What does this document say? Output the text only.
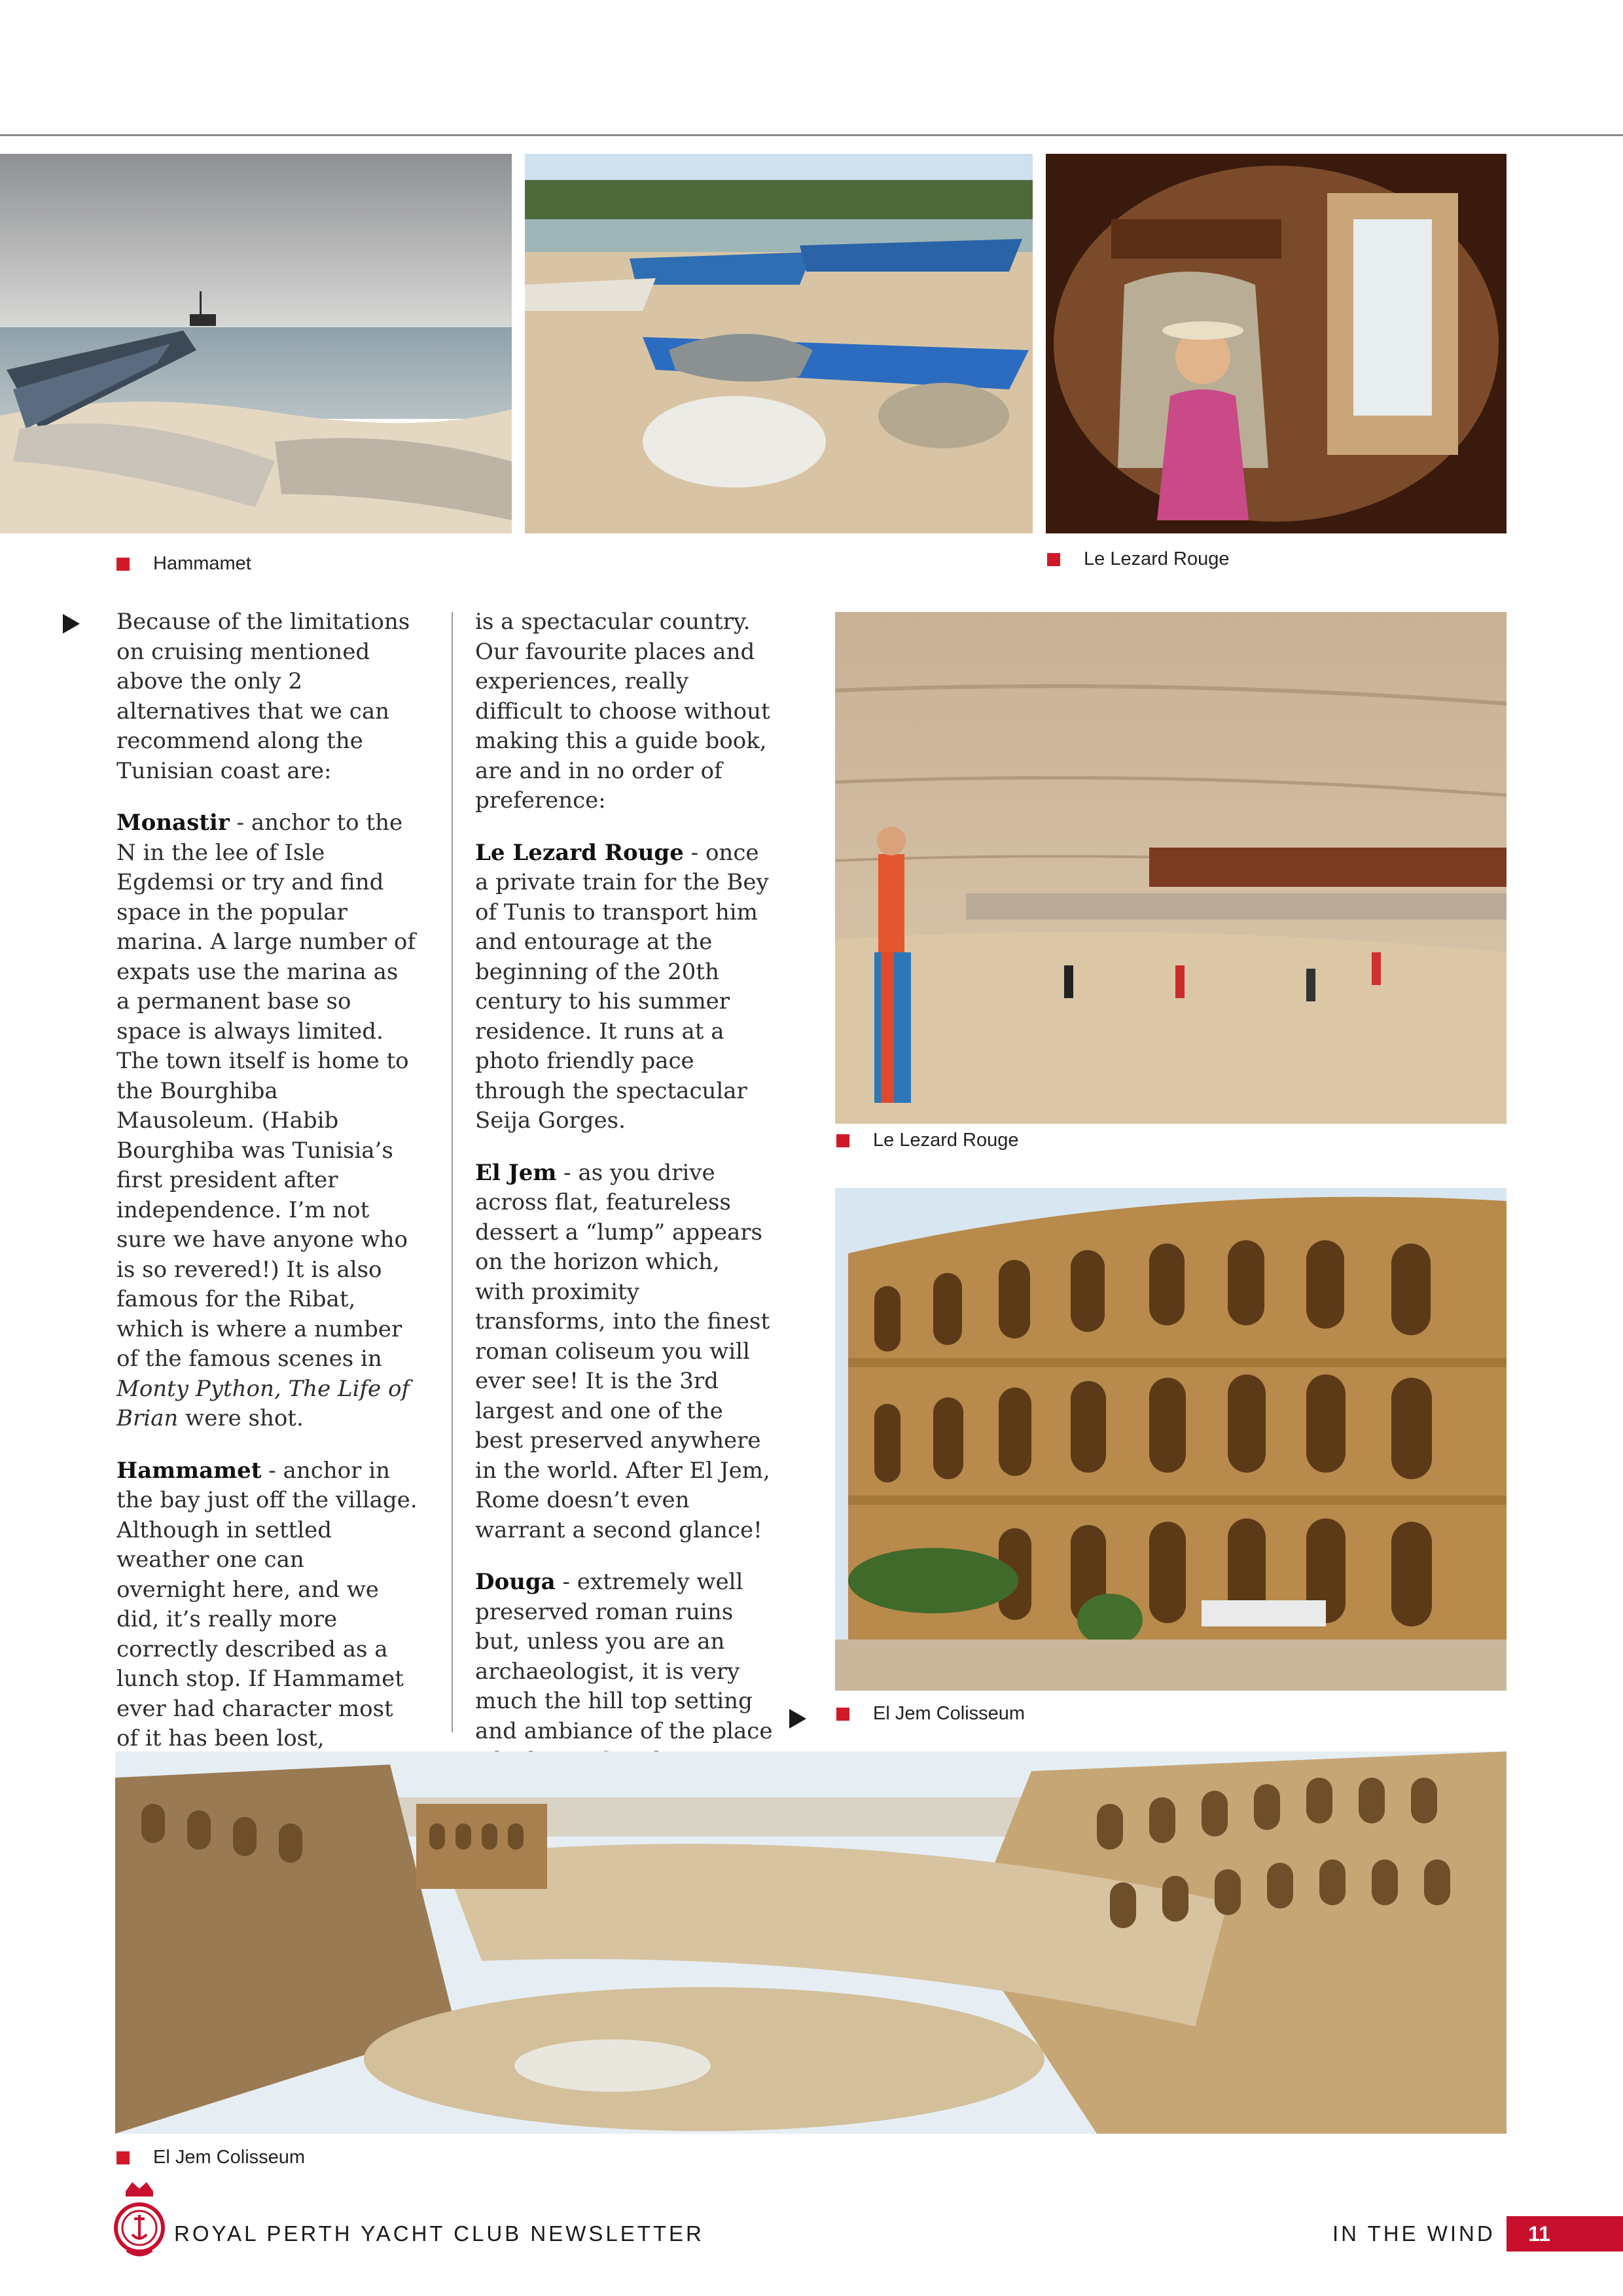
Hammamet	Le Lezard Rouge

Because of the limitations on cruising mentioned above the only 2 alternatives that we can recommend along the Tunisian coast are:

Monastir - anchor to the N in the lee of Isle Egdemsi or try and find space in the popular marina. A large number of expats use the marina as a permanent base so space is always limited. The town itself is home to the Bourghiba Mausoleum. (Habib Bourghiba was Tunisia’s first president after independence. I’m not sure we have anyone who is so revered!) It is also famous for the Ribat, which is where a number of the famous scenes in Monty Python, The Life of Brian were shot.

Hammamet - anchor in the bay just off the village. Although in settled weather one can overnight here, and we did, it’s really more correctly described as a lunch stop. If Hammamet ever had character most of it has been lost,

is a spectacular country. Our favourite places and experiences, really difficult to choose without making this a guide book, are and in no order of preference:

Le Lezard Rouge - once a private train for the Bey of Tunis to transport him and entourage at the beginning of the 20th century to his summer residence. It runs at a photo friendly pace through the spectacular Seija Gorges.

El Jem - as you drive across flat, featureless dessert a “lump” appears on the horizon which, with proximity transforms, into the finest roman coliseum you will ever see! It is the 3rd largest and one of the best preserved anywhere in the world. After El Jem, Rome doesn’t even warrant a second glance!

Douga - extremely well preserved roman ruins but, unless you are an archaeologist, it is very much the hill top setting and ambiance of the place

Le Lezard Rouge
El Jem Colisseum
El Jem Colisseum
ROYAL PERTH YACHT CLUB NEWSLETTER	IN THE WIND	11
